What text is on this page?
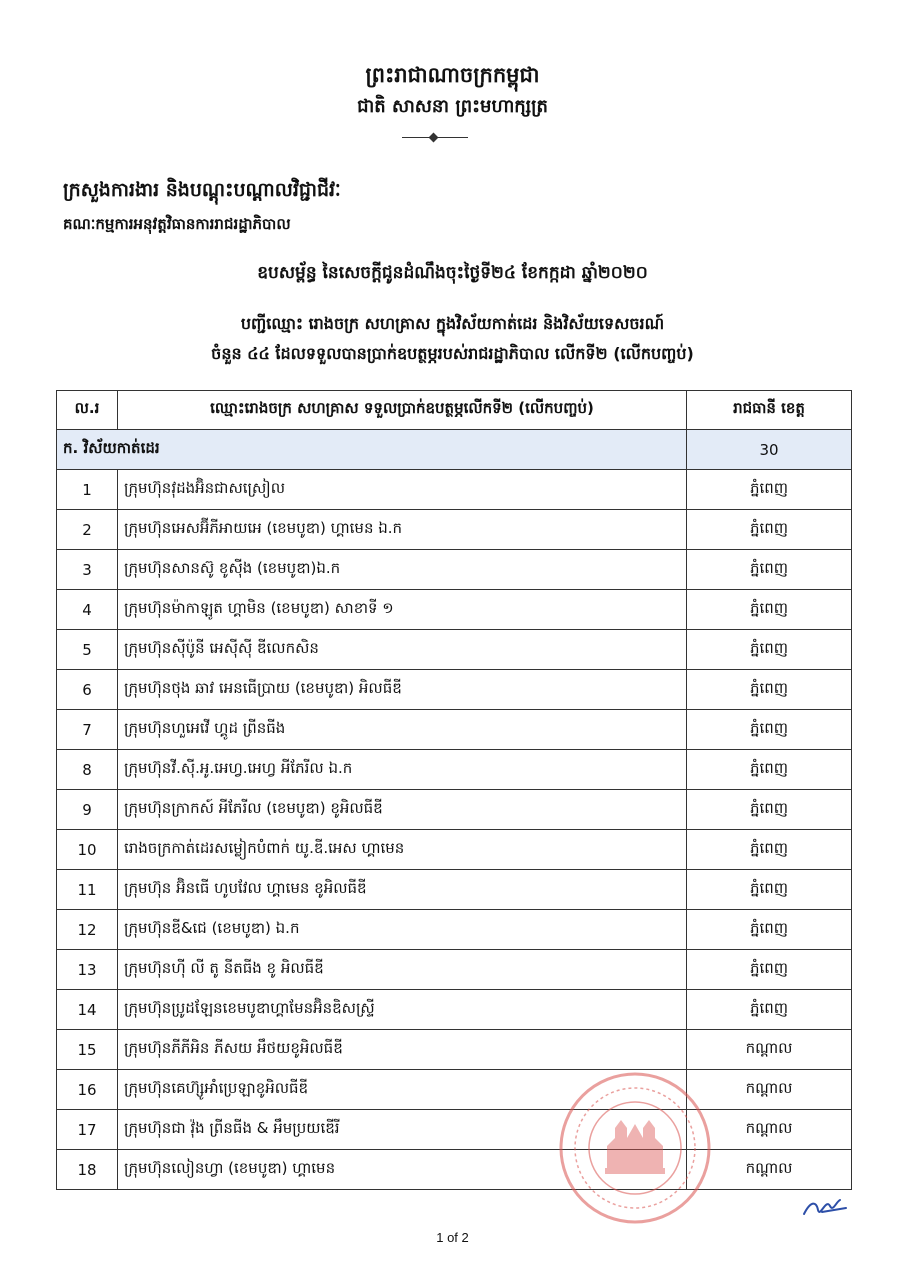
ព្រះរាជាណាចក្រកម្ពុជា
ជាតិ សាសនា ព្រះមហាក្សត្រ
ក្រសួងការងារ និងបណ្តុះបណ្តាលវិជ្ជាជីវៈ
គណៈកម្មការអនុវត្តវិធានការរាជរដ្ឋាភិបាល
ឧបសម្ព័ន្ធ នៃសេចក្តីជូនដំណឹងចុះថ្ងៃទី២៤ ខែកក្កដា ឆ្នាំ២០២០
បញ្ជីឈ្មោះ រោងចក្រ សហគ្រាស ក្នុងវិស័យកាត់ដេរ និងវិស័យទេសចរណ៍
ចំនួន ៤៤ ដែលទទួលបានប្រាក់ឧបត្ថម្ភរបស់រាជរដ្ឋាភិបាល លើកទី២ (លើកបញ្ចប់)
ល.រ	ឈ្មោះរោងចក្រ សហគ្រាស ទទួលប្រាក់ឧបត្ថម្ភលើកទី២ (លើកបញ្ចប់)	រាជធានី ខេត្ត
ក. វិស័យកាត់ដេរ		30
1	ក្រុមហ៊ុនវុដងអ៊ិនជាសស្រៀល	ភ្នំពេញ
2	ក្រុមហ៊ុនអេសអ៊ីភីអាយអេ (ខេមបូឌា) ហ្គាមេន ឯ.ក	ភ្នំពេញ
3	ក្រុមហ៊ុនសានស៊ូ ខូស៊ីង (ខេមបូឌា)ឯ.ក	ភ្នំពេញ
4	ក្រុមហ៊ុនម៉ាកាឡូត ហ្គាមិន (ខេមបូឌា) សាខាទី ១	ភ្នំពេញ
5	ក្រុមហ៊ុនស៊ីប៉ូនី អេស៊ីស៊ី ឌីលេកសិន	ភ្នំពេញ
6	ក្រុមហ៊ុនថុង ឆាវ អេនធើប្រាយ (ខេមបូឌា) អិលធីឌី	ភ្នំពេញ
7	ក្រុមហ៊ុនហួអេវើ ហ្គូដ ព្រីនធីង	ភ្នំពេញ
8	ក្រុមហ៊ុនវី.ស៊ី.អូ.អេហ្វ.អេហ្វ អីភែរីល ឯ.ក	ភ្នំពេញ
9	ក្រុមហ៊ុនក្រាកស៍ អីភែរីល (ខេមបូឌា) ខូអិលធីឌី	ភ្នំពេញ
10	រោងចក្រកាត់ដេរសម្លៀកបំពាក់ យូ.ឌី.អេស ហ្គាមេន	ភ្នំពេញ
11	ក្រុមហ៊ុន អ៊ិនធើ ហូបវែល ហ្គាមេន ខូអិលធីឌី	ភ្នំពេញ
12	ក្រុមហ៊ុនឌី&ជេ (ខេមបូឌា) ឯ.ក	ភ្នំពេញ
13	ក្រុមហ៊ុនហ៊ី លី តូ នីតធីង ខូ អិលធីឌី	ភ្នំពេញ
14	ក្រុមហ៊ុនប្រូដឡែនខេមបូឌាហ្គាមែនអ៊ិនឌិសស្ទ្រី	ភ្នំពេញ
15	ក្រុមហ៊ុនភីភីអិន ភីសយ អឹថយខូអិលធីឌី	កណ្តាល
16	ក្រុមហ៊ុនគេហ៊្សូអាំប្រេឡាខូអិលធីឌី	កណ្តាល
17	ក្រុមហ៊ុនជា វ៉ុង ព្រីនធីង & អឹមប្រយឌើរី	កណ្តាល
18	ក្រុមហ៊ុនលៀនហ្វា (ខេមបូឌា) ហ្គាមេន	កណ្តាល
1 of 2
